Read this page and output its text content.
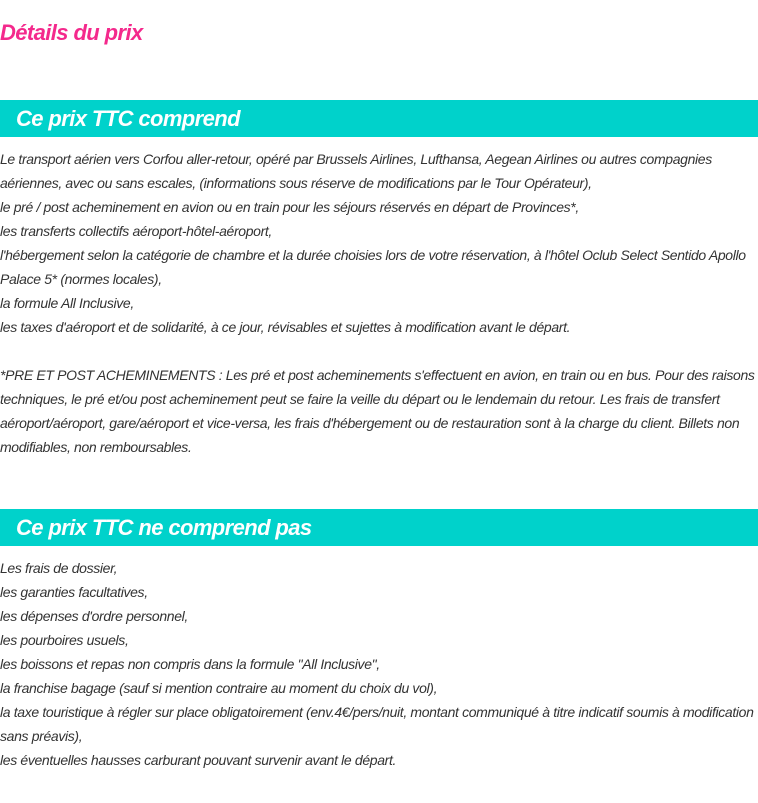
Détails du prix
Ce prix TTC comprend
Le transport aérien vers Corfou aller-retour, opéré par Brussels Airlines, Lufthansa, Aegean Airlines ou autres compagnies aériennes, avec ou sans escales, (informations sous réserve de modifications par le Tour Opérateur),
le pré / post acheminement en avion ou en train pour les séjours réservés en départ de Provinces*,
les transferts collectifs aéroport-hôtel-aéroport,
l'hébergement selon la catégorie de chambre et la durée choisies lors de votre réservation, à l'hôtel Oclub Select Sentido Apollo Palace 5* (normes locales),
la formule All Inclusive,
les taxes d'aéroport et de solidarité, à ce jour, révisables et sujettes à modification avant le départ.
*PRE ET POST ACHEMINEMENTS : Les pré et post acheminements s'effectuent en avion, en train ou en bus. Pour des raisons techniques, le pré et/ou post acheminement peut se faire la veille du départ ou le lendemain du retour. Les frais de transfert aéroport/aéroport, gare/aéroport et vice-versa, les frais d'hébergement ou de restauration sont à la charge du client. Billets non modifiables, non remboursables.
Ce prix TTC ne comprend pas
Les frais de dossier,
les garanties facultatives,
les dépenses d'ordre personnel,
les pourboires usuels,
les boissons et repas non compris dans la formule "All Inclusive",
la franchise bagage (sauf si mention contraire au moment du choix du vol),
la taxe touristique à régler sur place obligatoirement (env.4€/pers/nuit, montant communiqué à titre indicatif soumis à modification sans préavis),
les éventuelles hausses carburant pouvant survenir avant le départ.
